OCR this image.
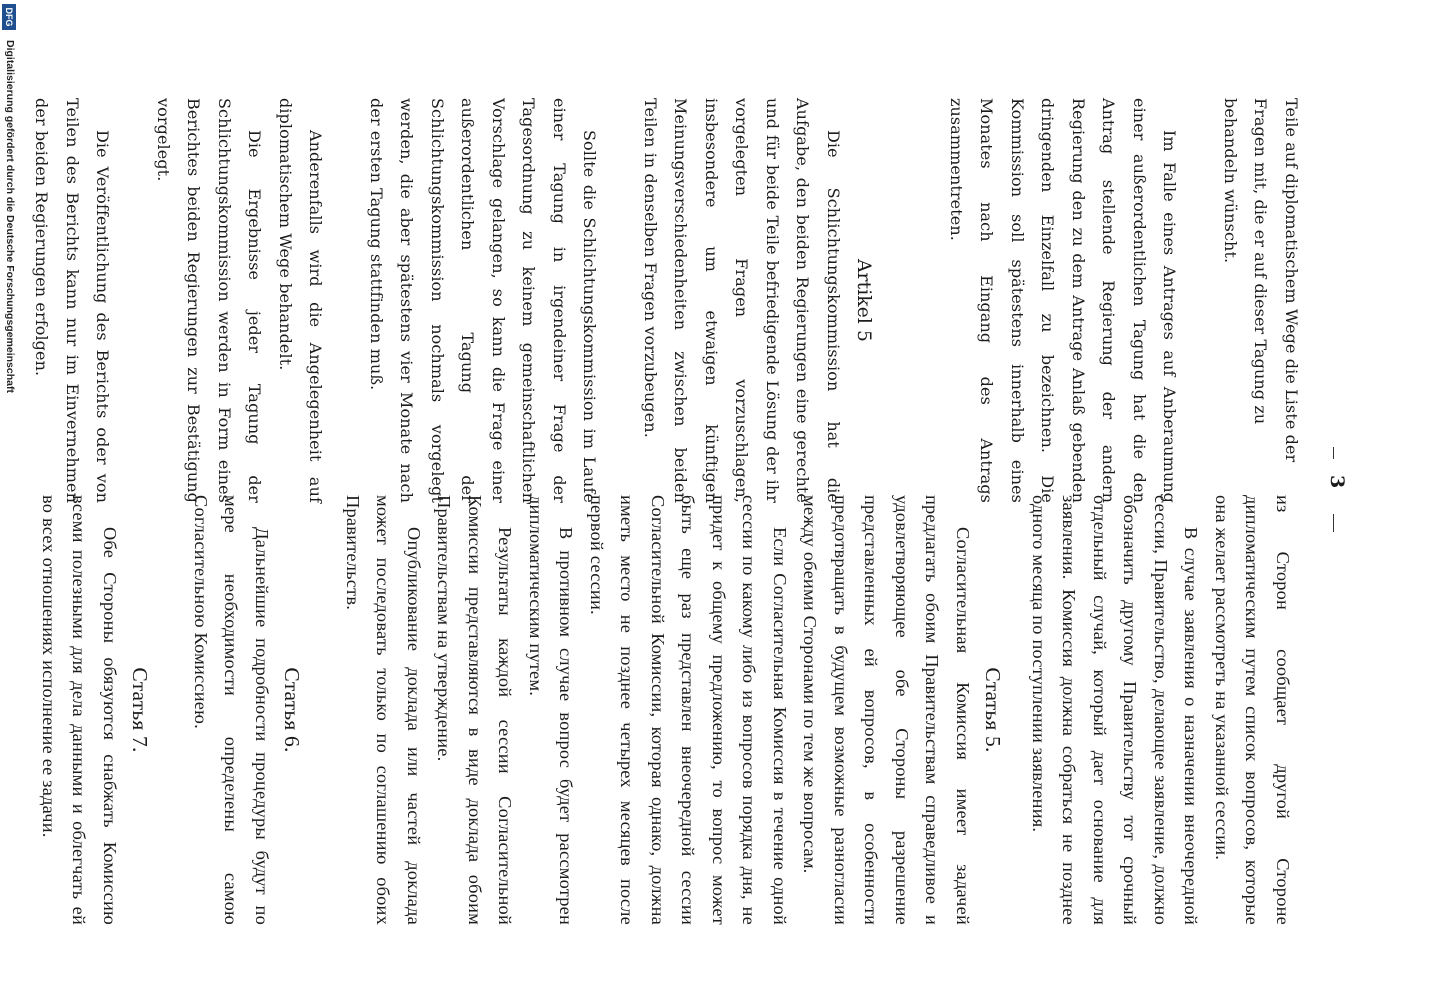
3

Teile auf diplomatischem Wege die Liste der Fragen mit, die er auf dieser Tagung zu behandeln wünscht.

Im Falle eines Antrages auf Anberaumung einer außerordentlichen Tagung hat die den Antrag stellende Regierung der andern Regierung den zu dem Antrage Anlaß gebenden dringenden Einzelfall zu bezeichnen. Die Kommission soll spätestens innerhalb eines Monates nach Eingang des Antrags zusammentreten.

Artikel 5

Die Schlichtungskommission hat die Aufgabe, den beiden Regierungen eine gerechte und für beide Teile befriedigende Lösung der ihr vorgelegten Fragen vorzuschlagen, insbesondere um etwaigen künftigen Meinungsverschiedenheiten zwischen beiden Teilen in denselben Fragen vorzubeugen.

Sollte die Schlichtungskommission im Laufe einer Tagung in irgendeiner Frage der Tagesordnung zu keinem gemeinschaftlichen Vorschlage gelangen, so kann die Frage einer außerordentlichen Tagung der Schlichtungskommission nochmals vorgelegt werden, die aber spätestens vier Monate nach der ersten Tagung stattfinden muß.

Anderenfalls wird die Angelegenheit auf diplomatischem Wege behandelt.

Die Ergebnisse jeder Tagung der Schlichtungskommission werden in Form eines Berichtes beiden Regierungen zur Bestätigung vorgelegt.

Die Veröffentlichung des Berichts oder von Teilen des Berichts kann nur im Einvernehmen der beiden Regierungen erfolgen.

из Сторон сообщает другой Стороне дипломатическим путем список вопросов, которые она желает рассмотреть на указанной сессии.

В случае заявления о назначении внеочередной сессии, Правительство, делающее заявление, должно обозначить другому Правительству тот срочный отдельный случай, который дает основание для заявления. Комиссия должна собраться не позднее одного месяца по поступлении заявления.

Статья 5.

Согласительная Комиссия имеет задачей предлагать обоим Правительствам справедливое и удовлетворяющее обе Стороны разрешение представленных ей вопросов, в особенности предотвращать в будущем возможные разногласии между обеими Сторонами по тем же вопросам.

Если Согласительная Комиссия в течение одной сессии по какому либо из вопросов порядка дня, не придет к общему предложению, то вопрос может быть еще раз представлен внеочередной сессии Согласительной Комиссии, которая однако, должна иметь место не позднее четырех месяцев после первой сессии.

В противном случае вопрос будет рассмотрен дипломатическим путем.

Результаты каждой сессии Согласительной Комиссии представляются в виде доклада обоим Правительствам на утверждение.

Опубликование доклада или частей доклада может последовать только по соглашению обоих Правительств.

Статья 6.

Дальнейшие подробности процедуры будут по мере необходимости определены самою Согласительною Комиссиею.

Статья 7.

Обе Стороны обязуются снабжать Комиссию всеми полезными для дела данными и облегчать ей во всех отношениях исполнение ее задачи.

DFG
Digitalisierung gefördert durch die Deutsche Forschungsgemeinschaft
